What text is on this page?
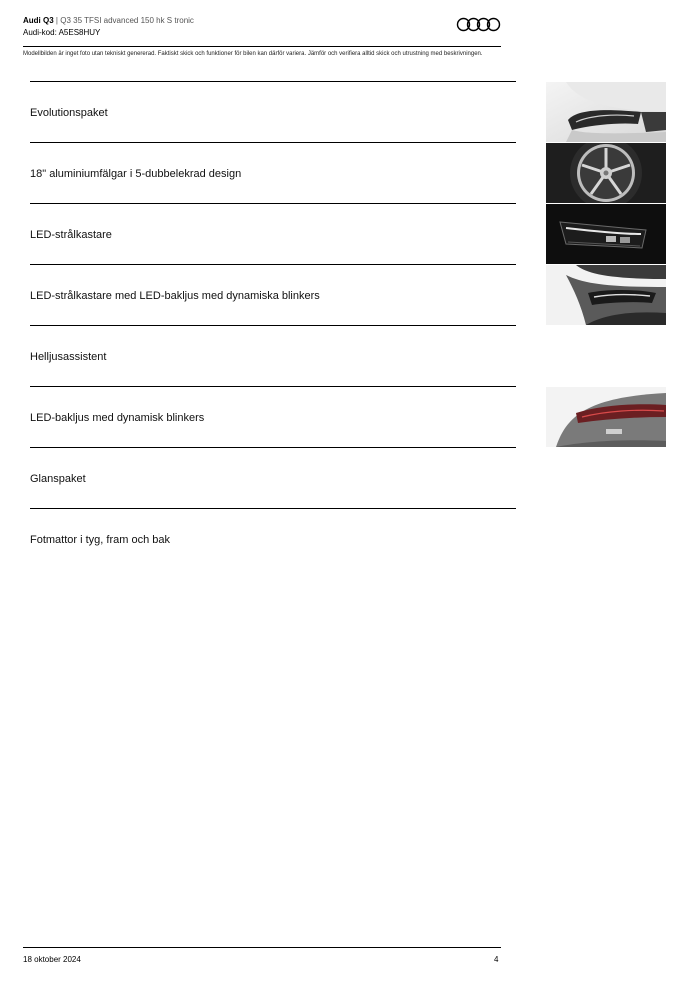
Audi Q3 | Q3 35 TFSI advanced 150 hk S tronic
Audi-kod: A5ES8HUY
Modellbilden är inget foto utan tekniskt genererad. Faktiskt skick och funktioner för bilen kan därför variera. Jämför och verifiera alltid skick och utrustning med beskrivningen.
Evolutionspaket
18" aluminiumfälgar i 5-dubbelekrad design
LED-strålkastare
LED-strålkastare med LED-bakljus med dynamiska blinkers
Helljusassistent
LED-bakljus med dynamisk blinkers
Glanspaket
Fotmattor i tyg, fram och bak
18 oktober 2024	4
